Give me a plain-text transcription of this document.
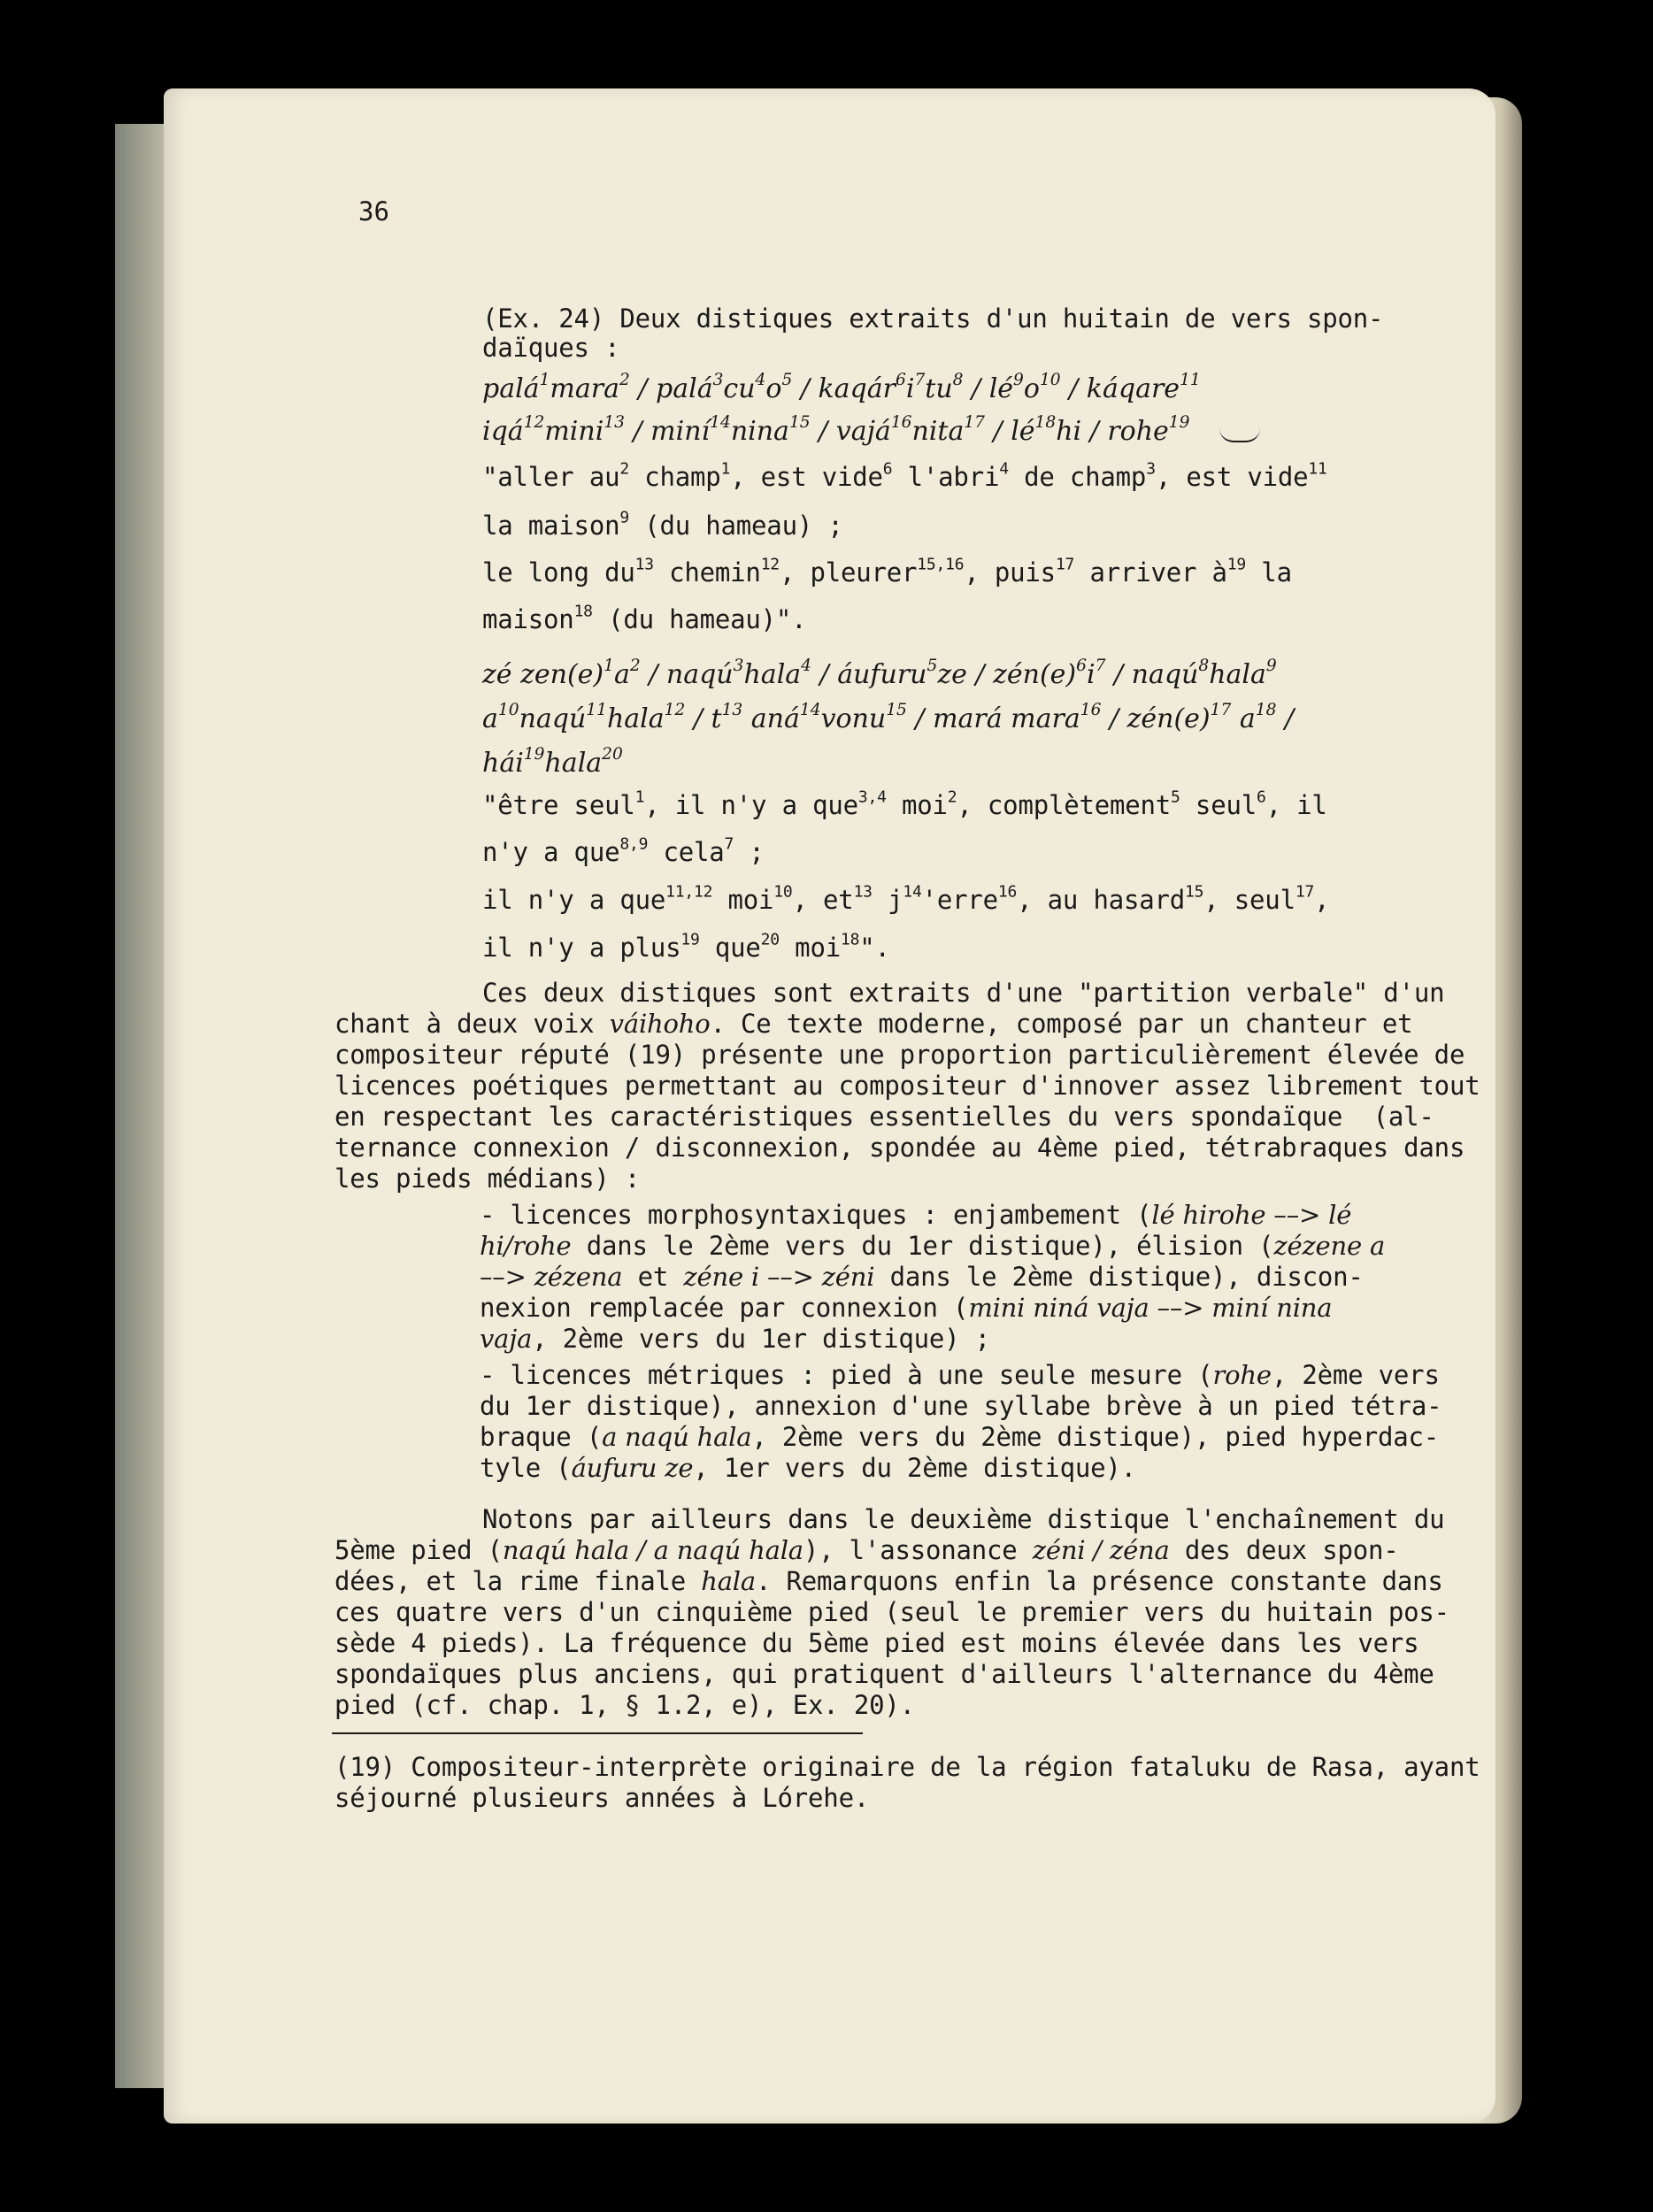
36
(Ex. 24) Deux distiques extraits d'un huitain de vers spon-
daïques :
palá$^1$mara$^2$ / $palá^3cu^4o^5$ / $kaqár^6i^7tu^8$ / $lé^9o^{10}$ / káqare$^{11}$
iqá$^{12}$mini$^{13}$ / miní$^{14}$nina$^{15}$ / vajá$^{16}$nita$^{17}$ / $lé^{18}hi$ / rohe$^{19}$
"aller $au^2$ champ$^1$, est vide$^6$ l'abri$^4$ de champ$^3$, est vide$^{11}$
la maison$^9$ (du hameau) ;
le long $du^{13}$ chemin$^{12}$, pleurer$^{15,16}$, puis$^{17}$ arriver $à^{19}$ la
maison$^{18}$ (du hameau)".
zé $zen(e)^1a^2$ / naqú$^3$hala$^4$ / áufuru$^5$ze / $zén(e)^6i^7$ / naqú$^8$hala$^9$
$a^{10}naqú^{11}hala^{12} / t^{13}$ aná$^{14}$vonu$^{15}$ / mará mara$^{16}$ / $zén(e)^{17}$ $a^{18}$ /
hái$^{19}$hala$^{20}$
"être seul$^1$, il n'y a que$^{3,4}$ moi$^2$, complètement$^5$ seul$^6$, il
n'y a que$^{8,9}$ cela$^7$ ;
il n'y a que$^{11,12}$ moi$^{10}$, $et^{13}$ $j^{14}'erre^{16}$, au hasard$^{15}$, seul$^{17}$,
il n'y a plus$^{19}$ que$^{20}$ moi$^{18}$".
Ces deux distiques sont extraits d'une "partition verbale" d'un
chant à deux voix váihoho. Ce texte moderne, composé par un chanteur et
compositeur réputé (19) présente une proportion particulièrement élevée de
licences poétiques permettant au compositeur d'innover assez librement tout
en respectant les caractéristiques essentielles du vers spondaïque  (al-
ternance connexion / disconnexion, spondée au 4ème pied, tétrabraques dans
les pieds médians) :
- licences morphosyntaxiques : enjambement (lé hirohe ––> lé
hi/rohe dans le 2ème vers du 1er distique), élision (zézene a
––> zézena et zéne i ––> zéni dans le 2ème distique), discon-
nexion remplacée par connexion (mini niná vaja ––> miní nina
vaja, 2ème vers du 1er distique) ;
- licences métriques : pied à une seule mesure (rohe, 2ème vers
du 1er distique), annexion d'une syllabe brève à un pied tétra-
braque (a naqú hala, 2ème vers du 2ème distique), pied hyperdac-
tyle (áufuru ze, 1er vers du 2ème distique).
Notons par ailleurs dans le deuxième distique l'enchaînement du
5ème pied (naqú hala / a naqú hala), l'assonance zéni / zéna des deux spon-
dées, et la rime finale hala. Remarquons enfin la présence constante dans
ces quatre vers d'un cinquième pied (seul le premier vers du huitain pos-
sède 4 pieds). La fréquence du 5ème pied est moins élevée dans les vers
spondaïques plus anciens, qui pratiquent d'ailleurs l'alternance du 4ème
pied (cf. chap. 1, § 1.2, e), Ex. 20).
(19) Compositeur-interprète originaire de la région fataluku de Rasa, ayant
séjourné plusieurs années à Lórehe.
